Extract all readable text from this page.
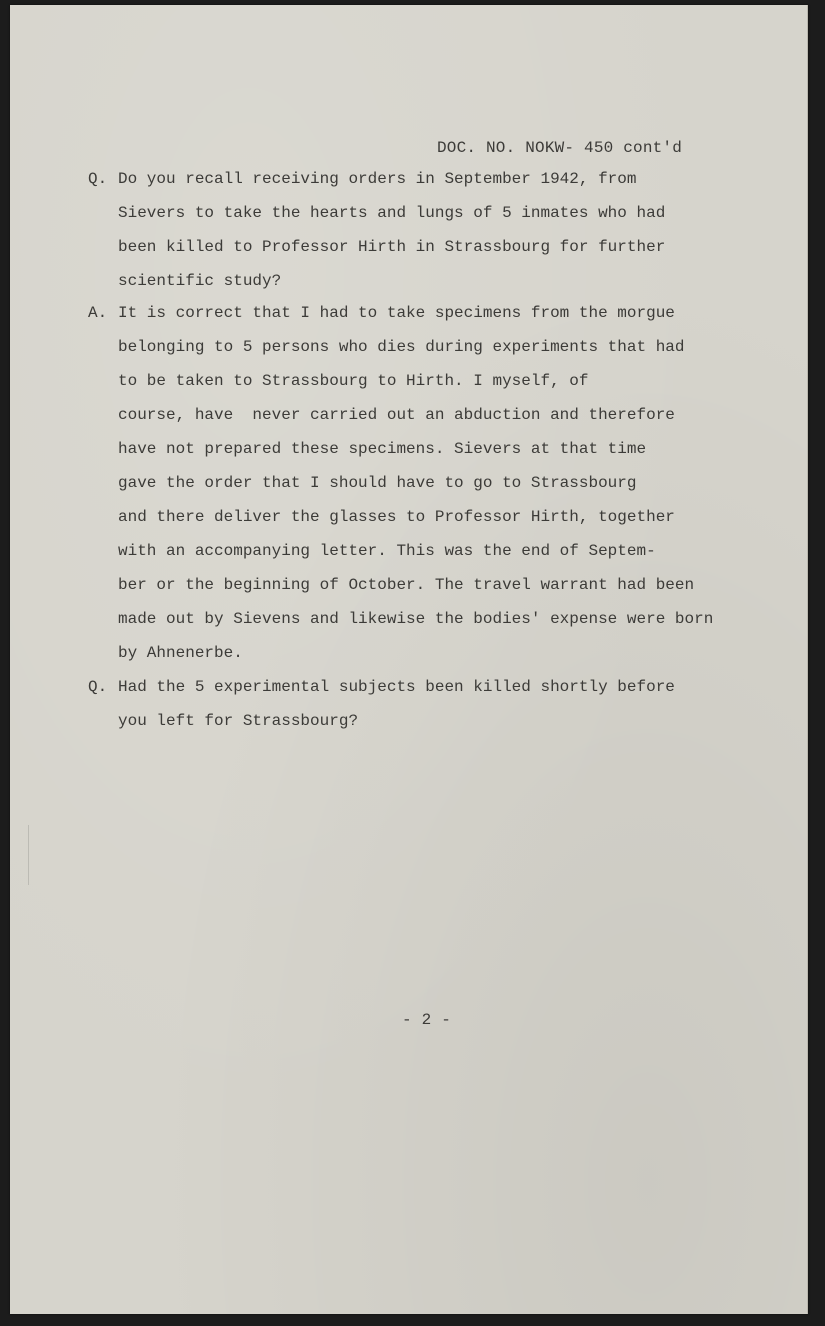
DOC. NO. NOKW- 450 cont'd
Q. Do you recall receiving orders in September 1942, from
Sievers to take the hearts and lungs of 5 inmates who had
been killed to Professor Hirth in Strassbourg for further
scientific study?
A. It is correct that I had to take specimens from the morgue
belonging to 5 persons who dies during experiments that had
to be taken to Strassbourg to Hirth. I myself, of
course, have  never carried out an abduction and therefore
have not prepared these specimens. Sievers at that time
gave the order that I should have to go to Strassbourg
and there deliver the glasses to Professor Hirth, together
with an accompanying letter. This was the end of Septem-
ber or the beginning of October. The travel warrant had been
made out by Sievens and likewise the bodies' expense were born
by Ahnenerbe.
Q. Had the 5 experimental subjects been killed shortly before
you left for Strassbourg?
- 2 -
